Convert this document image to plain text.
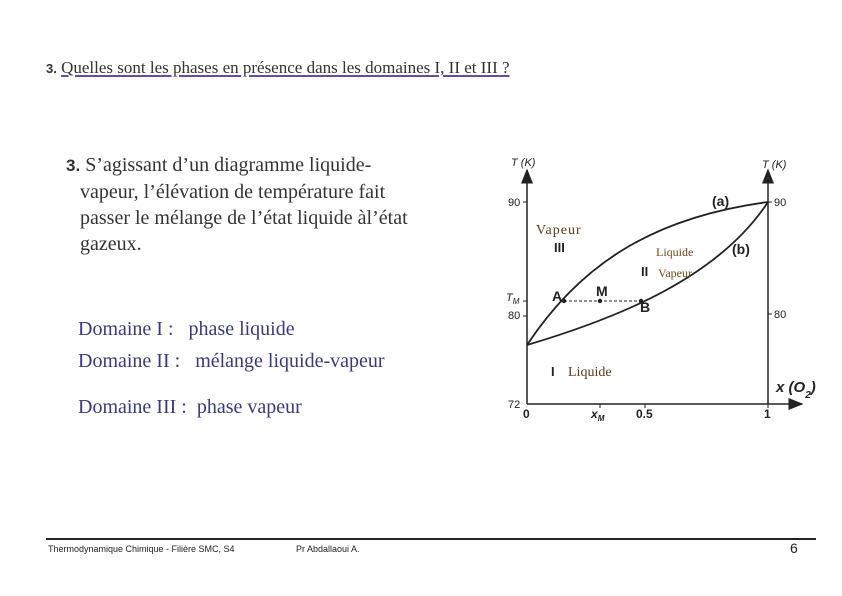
3. Quelles sont les phases en présence dans les domaines I, II et III ?

3. S’agissant d’un diagramme liquide-

vapeur, l’élévation de température fait

passer le mélange de l’état liquide àl’état

gazeux.

Domaine I :   phase liquide
Domaine II :   mélange liquide-vapeur
Domaine III :  phase vapeur
T (K)	T (K)
90	90
$T_M$
80	80
72
0	$x_M$	0.5	1
x $(O_2)$
(a)
(b)
Vapeur
III	Liquide
II Vapeur
A M
B
I Liquide
Thermodynamique Chimique - Filière SMC, S4	Pr Abdallaoui A.	6
